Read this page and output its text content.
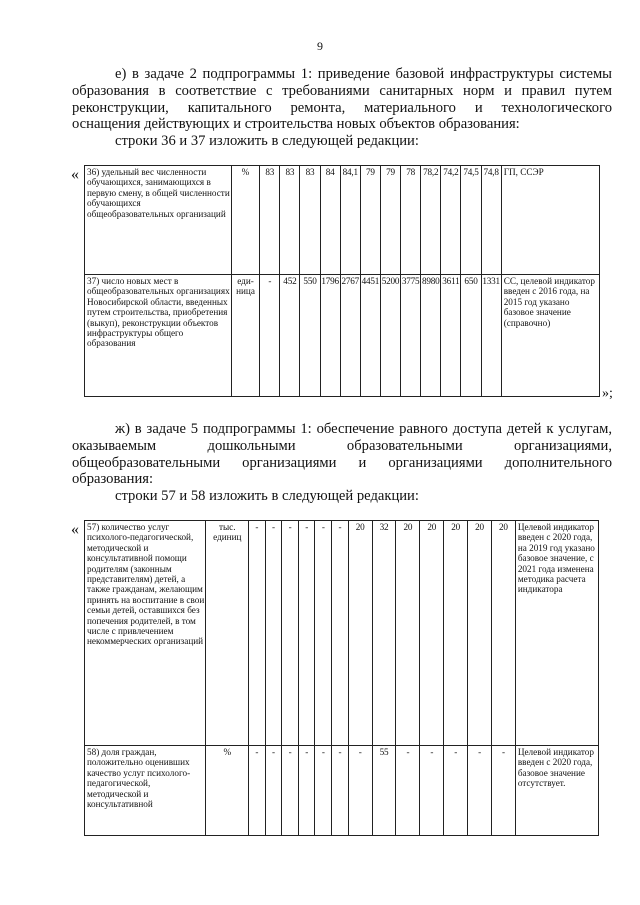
9
е) в задаче 2 подпрограммы 1: приведение базовой инфраструктуры системы
образования в соответствие с требованиями санитарных норм и правил путем
реконструкции, капитального ремонта, материального и технологического
оснащения действующих и строительства новых объектов образования:
строки 36 и 37 изложить в следующей редакции:
« 36) удельный вес численности обучающихся, занимающихся в первую смену, в общей численности обучающихся общеобразовательных организаций	%	83	83	83	84	84,1	79	79	78	78,2	74,2	74,5	74,8	ГП, ССЭР
37) число новых мест в общеобразовательных организациях Новосибирской области, введенных путем строительства, приобретения (выкуп), реконструкции объектов инфраструктуры общего образования	еди-ница	-	452	550	1796	2767	4451	5200	3775	8980	3611	650	1331	СС, целевой индикатор введен с 2016 года, на 2015 год указано базовое значение (справочно)
»;
ж) в задаче 5 подпрограммы 1: обеспечение равного доступа детей к услугам,
оказываемым дошкольными образовательными организациями,
общеобразовательными организациями и организациями дополнительного
образования:
строки 57 и 58 изложить в следующей редакции:
« 57) количество услуг психолого-педагогической, методической и консультативной помощи родителям (законным представителям) детей, а также гражданам, желающим принять на воспитание в свои семьи детей, оставшихся без попечения родителей, в том числе с привлечением некоммерческих организаций	тыс. единиц	-	-	-	-	-	-	20	32	20	20	20	20	20	Целевой индикатор введен с 2020 года, на 2019 год указано базовое значение, с 2021 года изменена методика расчета индикатора
58) доля граждан, положительно оценивших качество услуг психолого-педагогической, методической и консультативной	%	-	-	-	-	-	-	-	55	-	-	-	-	-	Целевой индикатор введен с 2020 года, базовое значение отсутствует.
